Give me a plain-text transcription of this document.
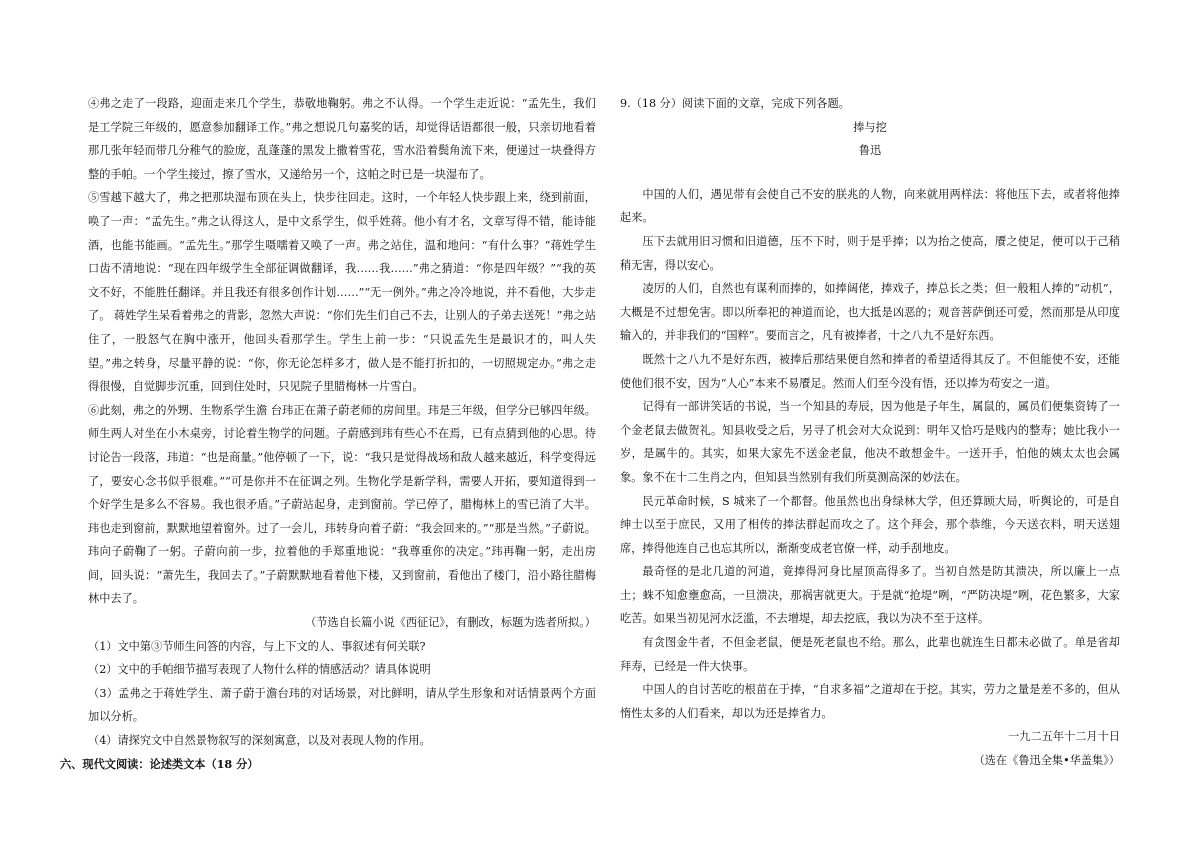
④弗之走了一段路，迎面走来几个学生，恭敬地鞠躬。弗之不认得。一个学生走近说：“孟先生，我们是工学院三年级的，愿意参加翻译工作。”弗之想说几句嘉奖的话，却觉得话语都很一般，只亲切地看着那几张年轻而带几分稚气的脸庞，乱蓬蓬的黑发上撒着雪花，雪水沿着鬓角流下来，便递过一块叠得方整的手帕。一个学生接过，擦了雪水，又递给另一个，这帕之时已是一块湿布了。

⑤雪越下越大了，弗之把那块湿布顶在头上，快步往回走。这时，一个年轻人快步跟上来，绕到前面，唤了一声：“孟先生。”弗之认得这人，是中文系学生，似乎姓蒋。他小有才名，文章写得不错，能诗能酒，也能书能画。“孟先生。”那学生嗫嚅着又唤了一声。弗之站住，温和地问：“有什么事？”蒋姓学生口齿不清地说：“现在四年级学生全部征调做翻译，我……我……”弗之猜道：“你是四年级？”“我的英文不好，不能胜任翻译。并且我还有很多创作计划……”“无一例外。”弗之冷冷地说，并不看他，大步走了。 蒋姓学生呆看着弗之的背影，忽然大声说：“你们先生们自己不去，让别人的子弟去送死！”弗之站住了，一股怒气在胸中涨开，他回头看那学生。学生上前一步：“只说孟先生是最识才的，叫人失望。”弗之转身，尽量平静的说：“你，你无论怎样多才，做人是不能打折扣的，一切照规定办。”弗之走得很慢，自觉脚步沉重，回到住处时，只见院子里腊梅林一片雪白。

⑥此刻，弗之的外甥、生物系学生澹 台玮正在萧子蔚老师的房间里。玮是三年级，但学分已够四年级。师生两人对坐在小木桌旁，讨论着生物学的问题。子蔚感到玮有些心不在焉，已有点猜到他的心思。待讨论告一段落，玮道：“也是商量。”他停顿了一下，说：“我只是觉得战场和敌人越来越近，科学变得远了，要安心念书似乎很难。”“可是你并不在征调之列。生物化学是新学科，需要人开拓，要知道得到一个好学生是多么不容易。我也很矛盾。”子蔚站起身，走到窗前。学已停了，腊梅林上的雪已消了大半。玮也走到窗前，默默地望着窗外。过了一会儿，玮转身向着子蔚：“我会回来的。”“那是当然。”子蔚说。玮向子蔚鞠了一躬。子蔚向前一步，拉着他的手郑重地说：“我尊重你的决定。”玮再鞠一躬，走出房间，回头说：“萧先生，我回去了。”子蔚默默地看着他下楼，又到窗前，看他出了楼门，沿小路往腊梅林中去了。

（节选自长篇小说《西征记》，有删改，标题为选者所拟。）

（1）文中第③节师生问答的内容，与上下文的人、事叙述有何关联?

（2）文中的手帕细节描写表现了人物什么样的情感活动？请具体说明

（3）孟弗之于蒋姓学生、萧子蔚于澹台玮的对话场景，对比鲜明，请从学生形象和对话情景两个方面加以分析。

（4）请探究文中自然景物叙写的深刻寓意，以及对表现人物的作用。

六、现代文阅读：论述类文本（18 分）

9.（18 分）阅读下面的文章，完成下列各题。

捧与挖

鲁迅

中国的人们，遇见带有会使自己不安的朕兆的人物，向来就用两样法：将他压下去，或者将他捧起来。

压下去就用旧习惯和旧道德，压不下时，则于是乎捧；以为抬之使高，餍之使足，便可以于己稍稍无害，得以安心。

凌厉的人们，自然也有谋利而捧的，如捧阔佬，捧戏子，捧总长之类；但一般粗人捧的“动机”，大概是不过想免害。即以所奉祀的神道而论，也大抵是凶恶的；观音菩萨倒还可爱，然而那是从印度输入的，并非我们的“国粹”。要而言之，凡有被捧者，十之八九不是好东西。

既然十之八九不是好东西，被捧后那结果便自然和捧者的希望适得其反了。不但能使不安，还能使他们很不安，因为“人心”本来不易餍足。然而人们至今没有悟，还以捧为苟安之一道。

记得有一部讲笑话的书说，当一个知县的寿辰，因为他是子年生，属鼠的，属员们便集资铸了一个金老鼠去做贺礼。知县收受之后，另寻了机会对大众说到：明年又恰巧是贱内的整寿；她比我小一岁，是属牛的。其实，如果大家先不送金老鼠，他决不敢想金牛。一送开手，怕他的姨太太也会属象。象不在十二生肖之内，但知县当然别有我们所莫测高深的妙法在。

民元革命时候，S 城来了一个都督。他虽然也出身绿林大学，但还算顾大局，听舆论的，可是自绅士以至于庶民，又用了相传的捧法群起而攻之了。这个拜会，那个恭维，今天送衣料，明天送翅席，捧得他连自己也忘其所以，渐渐变成老官僚一样，动手刮地皮。

最奇怪的是北几道的河道，竟捧得河身比屋顶高得多了。当初自然是防其溃决，所以廉上一点土；蛛不知愈壅愈高，一旦溃决，那祸害就更大。于是就“抢堤”咧，“严防决堤”咧，花色繁多，大家吃苦。如果当初见河水泛滥，不去增堤，却去挖底，我以为决不至于这样。

有贪图金牛者，不但金老鼠，便是死老鼠也不给。那么，此辈也就连生日都未必做了。单是省却拜寿，已经是一件大快事。

中国人的自讨苦吃的根苗在于捧，“自求多福”之道却在于挖。其实，劳力之量是差不多的，但从惰性太多的人们看来，却以为还是捧省力。

一九二五年十二月十日

（选在《鲁迅全集•华盖集》）
